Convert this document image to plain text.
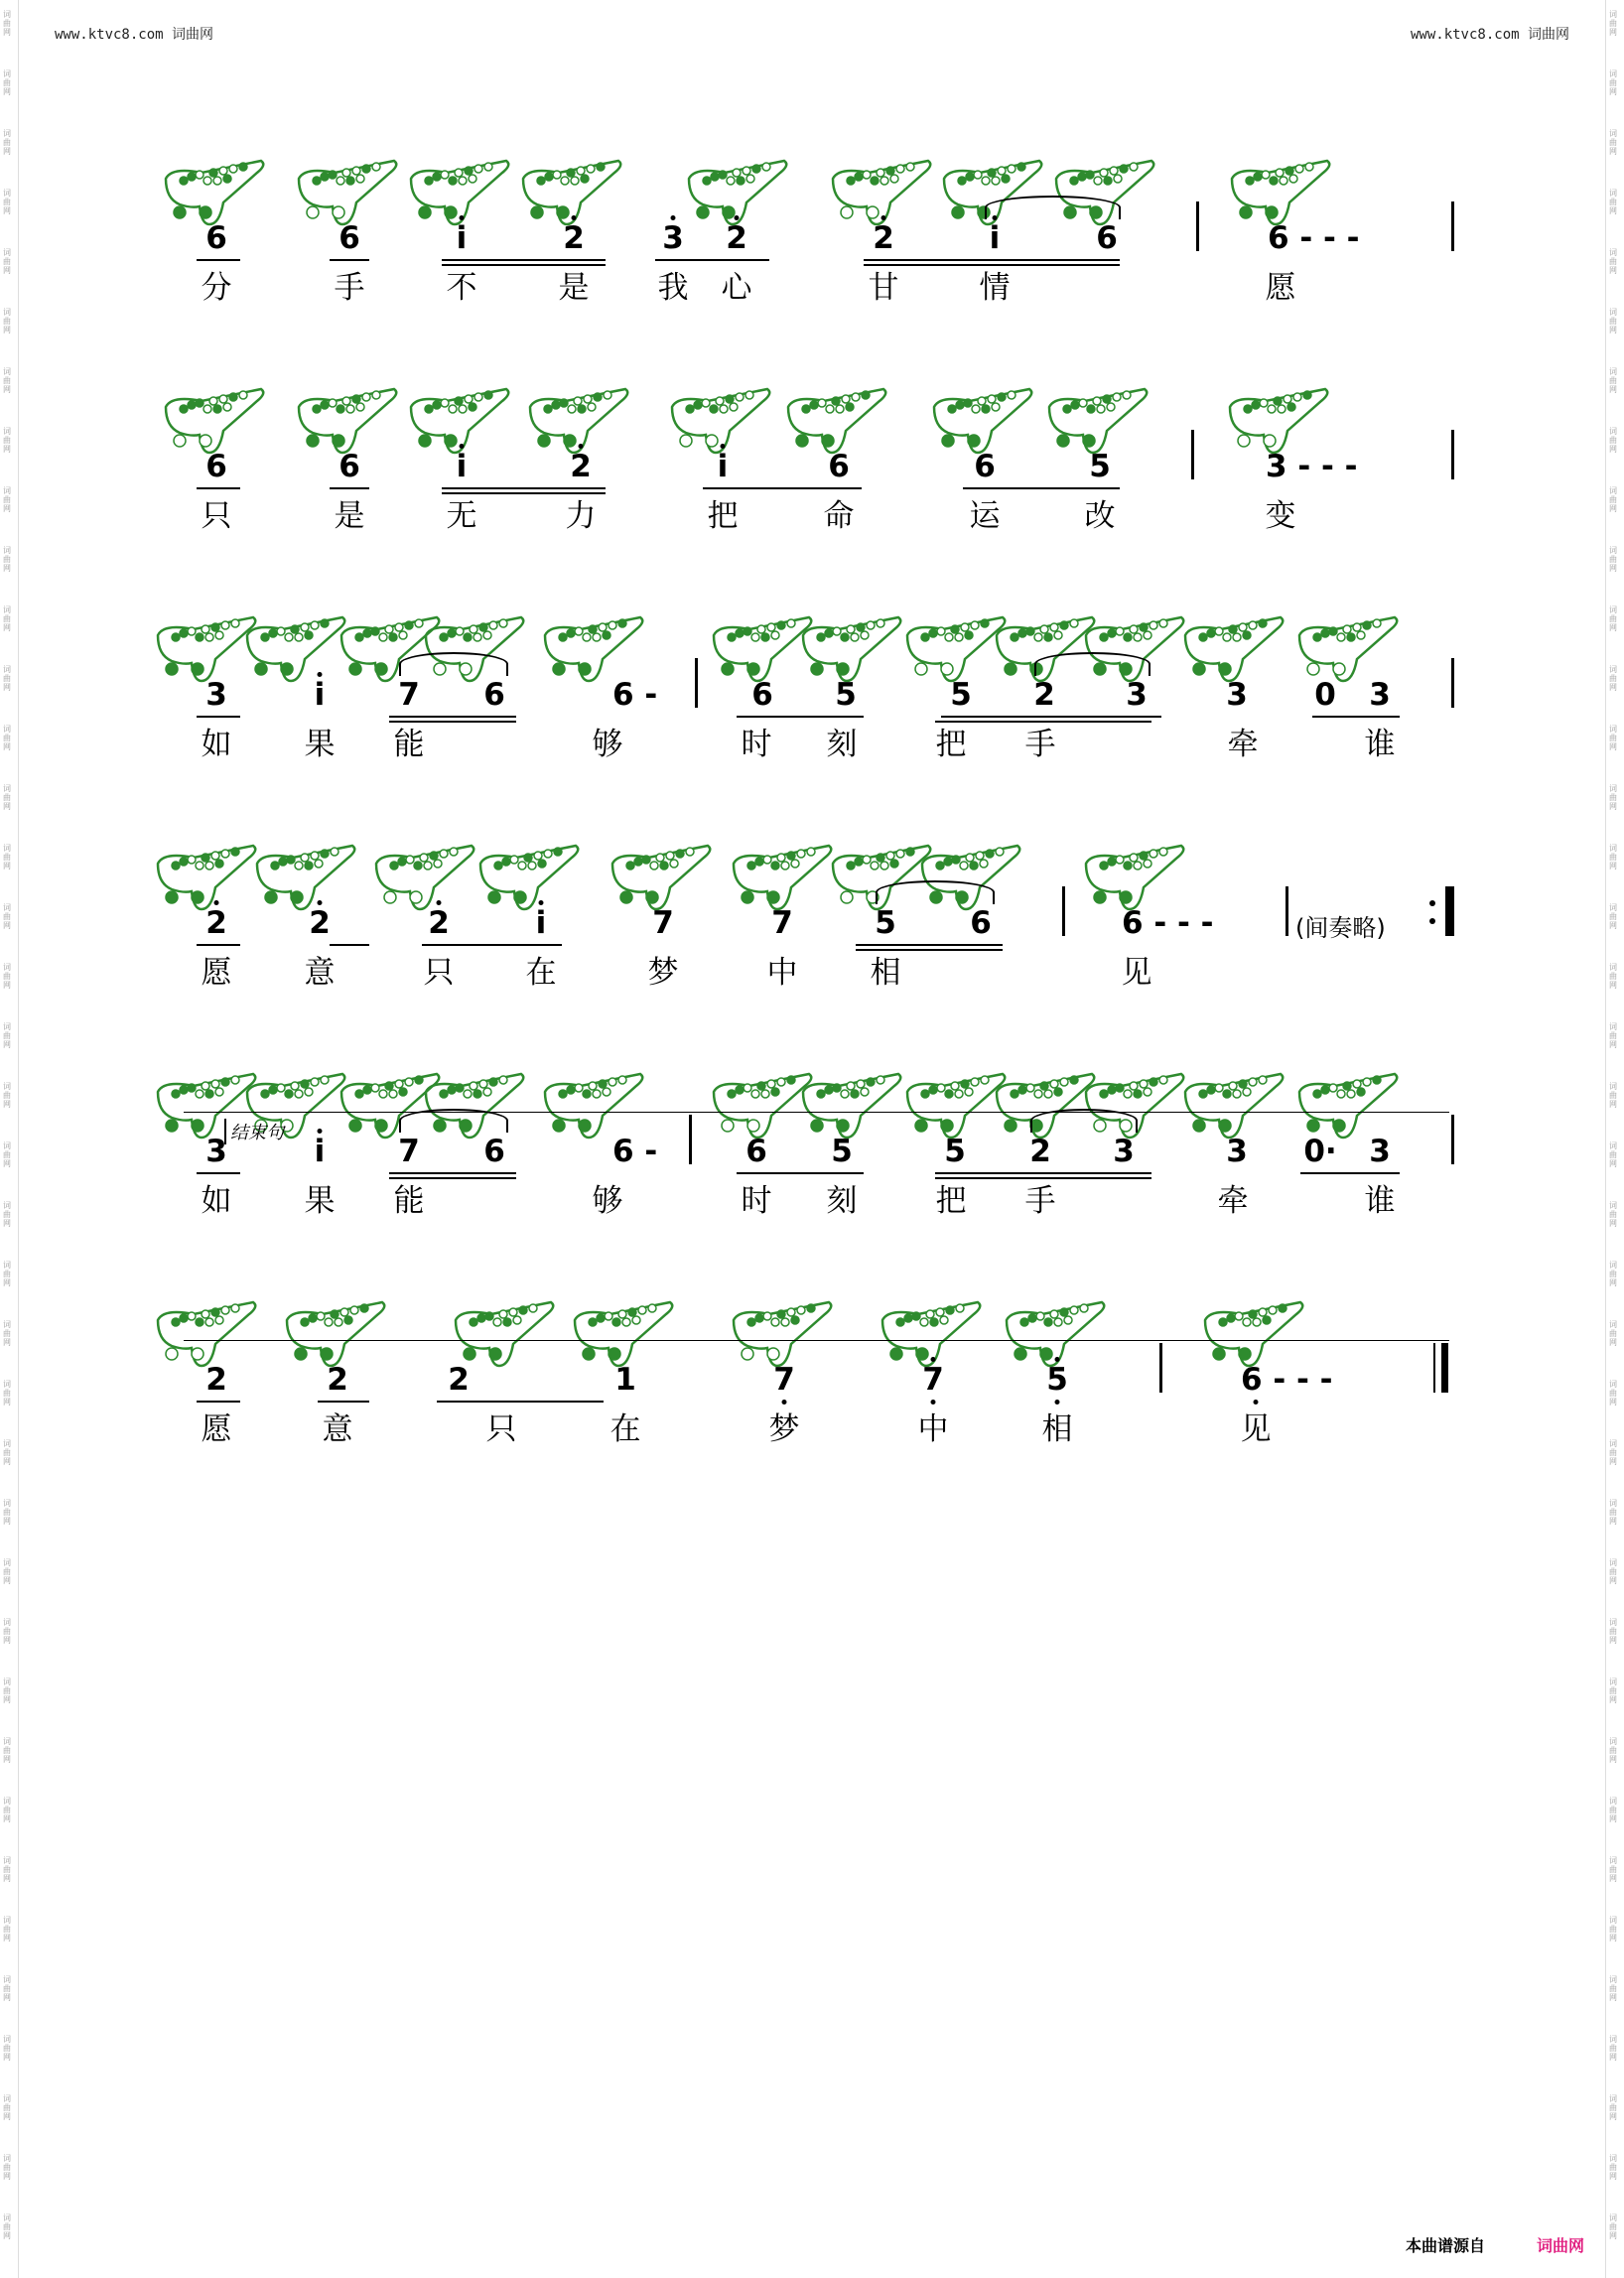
www.ktvc8.com 词曲网	www.ktvc8.com 词曲网
词曲网
词曲网
词曲网
词曲网
词曲网
词曲网
词曲网
词曲网
词曲网
词曲网
词曲网
词曲网
词曲网
词曲网
词曲网
词曲网
词曲网
词曲网
词曲网
词曲网
词曲网
词曲网
词曲网
词曲网
词曲网
词曲网
词曲网
词曲网
词曲网
词曲网
词曲网
词曲网
词曲网
词曲网
词曲网
词曲网
词曲网
词曲网
词曲网
词曲网
词曲网
词曲网
词曲网
词曲网
词曲网
词曲网
词曲网
词曲网
词曲网
词曲网
词曲网
词曲网
词曲网
词曲网
词曲网
词曲网
词曲网
词曲网
词曲网
词曲网
词曲网
词曲网
词曲网
词曲网
词曲网
词曲网
词曲网
词曲网
词曲网
词曲网
词曲网
词曲网
词曲网
词曲网
词曲网
词曲网
6	6	i	2	3 2	2	i	6	6 - - -
分	手	不	是 我 心	甘	情	愿
6	6	i	2	i	6	6	5	3 - - -
只	是	无	力	把	命	运	改	变
3	i 7 6	6 -	6 5	5 2 3	3 0 3
如 果 能	够	时 刻	把 手	牵	谁
2	2	2	i	7	7	5 6	6 - - -
愿 意	只 在	梦	中 相	见
(间奏略)
3	i 7 6	6 -	6 5	5 2 3	3 0· 3
如 果 能	够	时 刻	把 手	牵	谁
结束句
2	2	2	1	7	7	5	6 - - -
愿	意	只	在	梦	中	相	见
本曲谱源自	词曲网
